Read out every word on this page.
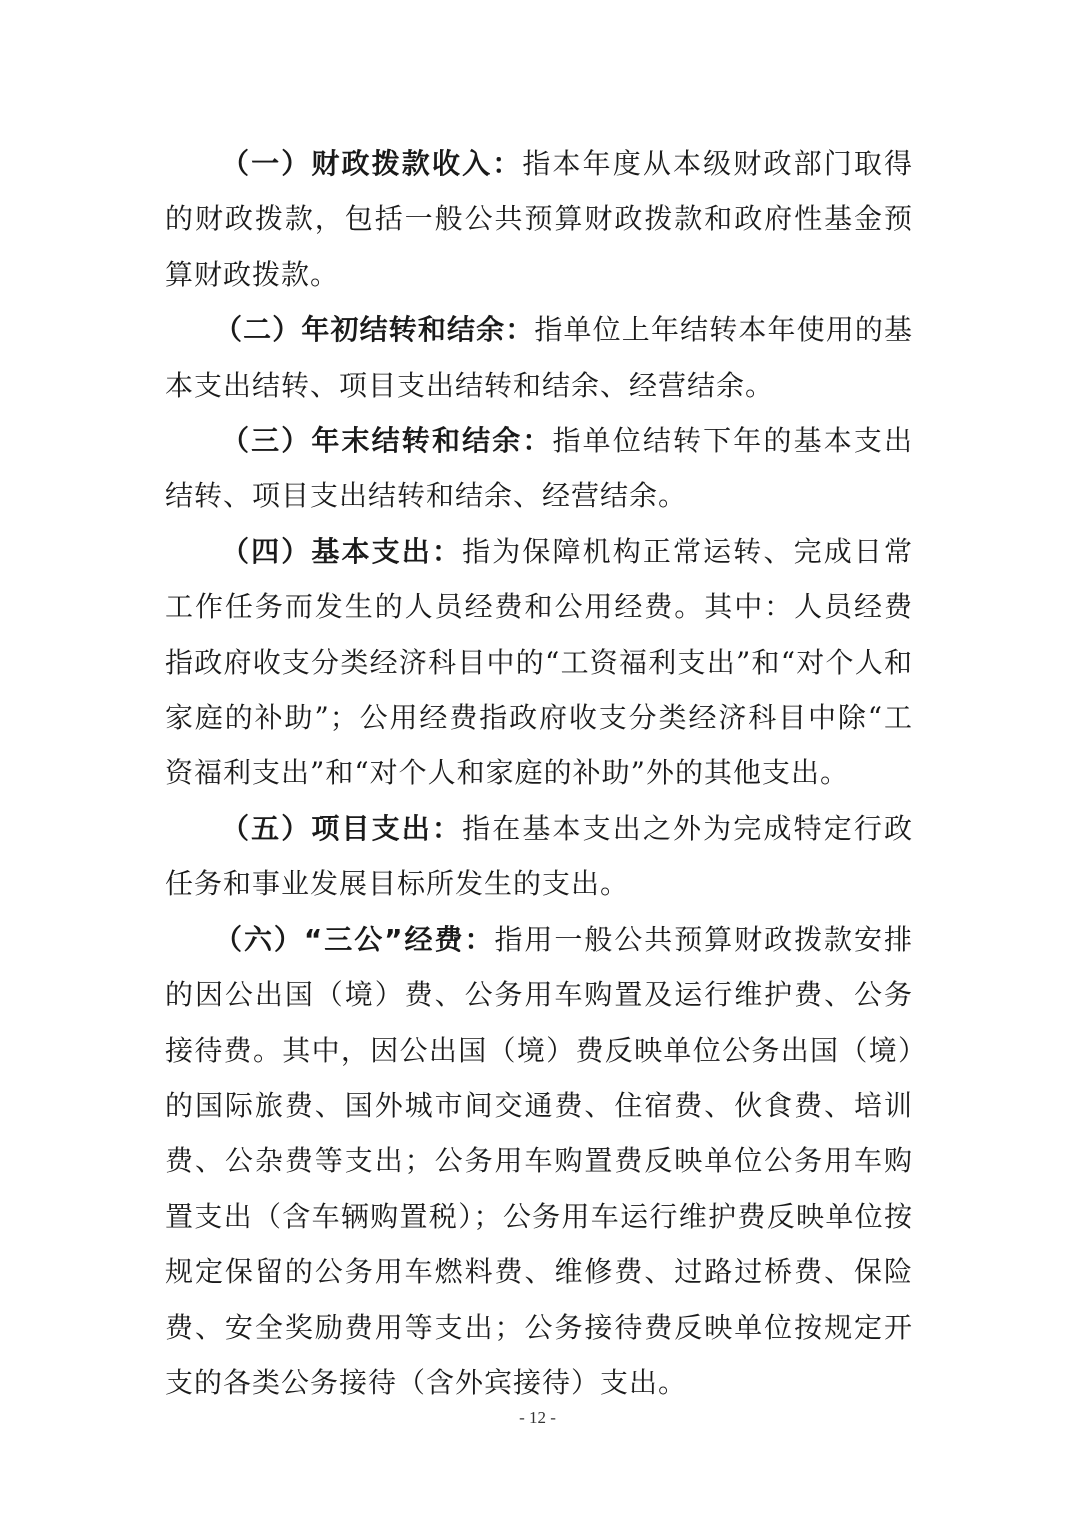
（一）财政拨款收入：指本年度从本级财政部门取得的财政拨款，包括一般公共预算财政拨款和政府性基金预算财政拨款。

（二）年初结转和结余：指单位上年结转本年使用的基本支出结转、项目支出结转和结余、经营结余。

（三）年末结转和结余：指单位结转下年的基本支出结转、项目支出结转和结余、经营结余。

（四）基本支出：指为保障机构正常运转、完成日常工作任务而发生的人员经费和公用经费。其中：人员经费指政府收支分类经济科目中的“工资福利支出”和“对个人和家庭的补助”；公用经费指政府收支分类经济科目中除“工资福利支出”和“对个人和家庭的补助”外的其他支出。

（五）项目支出：指在基本支出之外为完成特定行政任务和事业发展目标所发生的支出。

（六）“三公”经费：指用一般公共预算财政拨款安排的因公出国（境）费、公务用车购置及运行维护费、公务接待费。其中，因公出国（境）费反映单位公务出国（境）的国际旅费、国外城市间交通费、住宿费、伙食费、培训费、公杂费等支出；公务用车购置费反映单位公务用车购置支出（含车辆购置税）；公务用车运行维护费反映单位按规定保留的公务用车燃料费、维修费、过路过桥费、保险费、安全奖励费用等支出；公务接待费反映单位按规定开支的各类公务接待（含外宾接待）支出。

- 12 -
